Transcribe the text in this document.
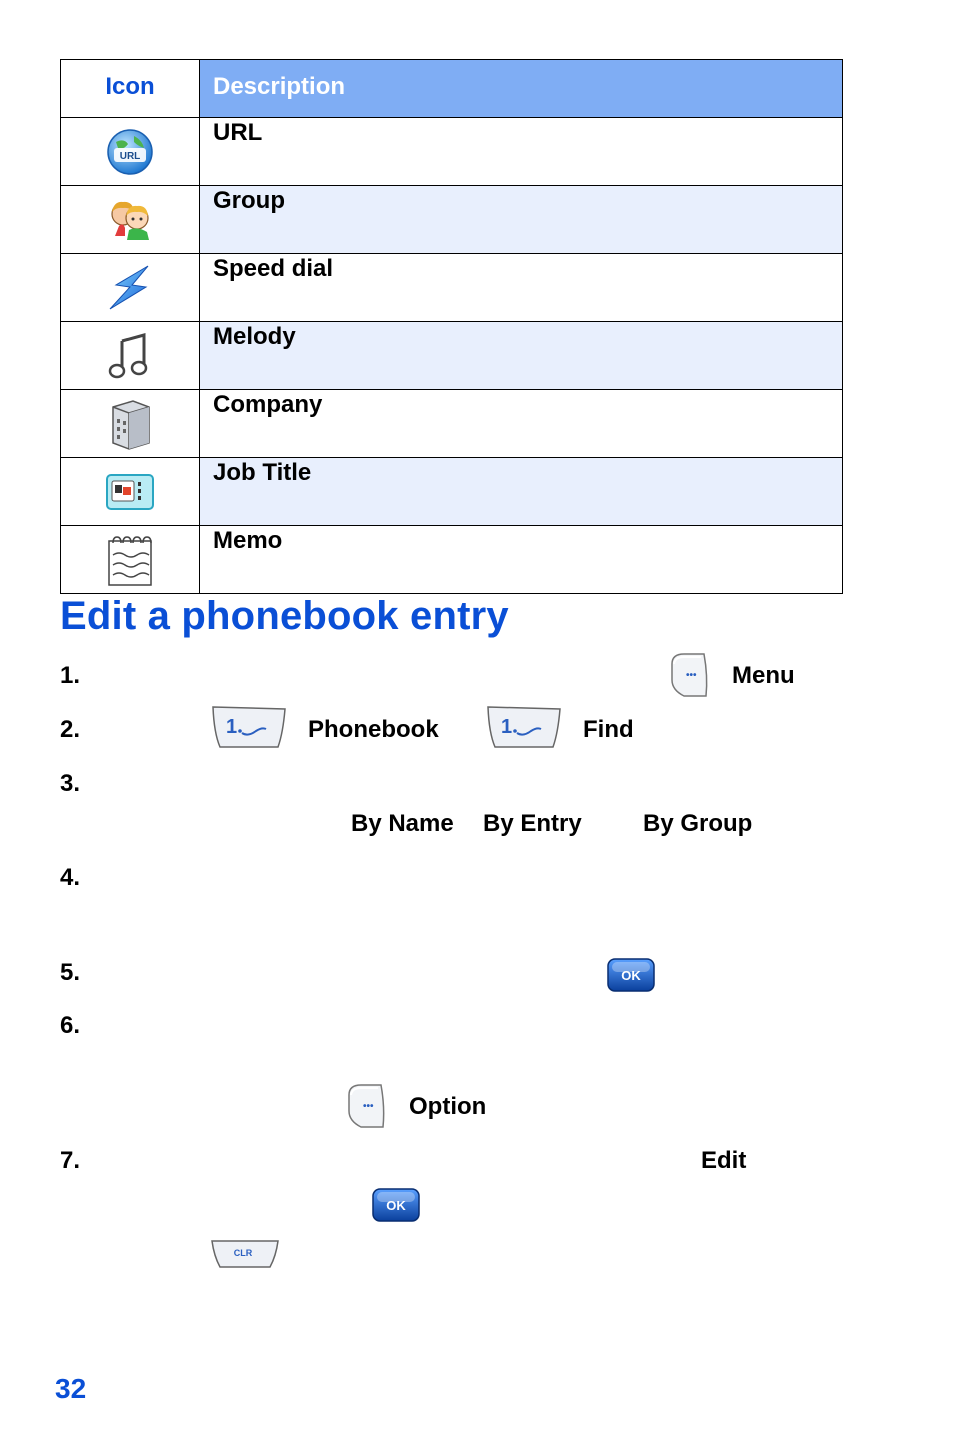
Icon	Description

URL	URL
	Group
	Speed dial
	Melody
	Company
	Job Title
	Memo
Edit a phonebook entry
1.	••• Menu
2.	1	Phonebook	1	Find
3.
By Name By Entry	By Group
4.
5.	OK
6.
••• Option
7.	Edit
OK
CLR
32
